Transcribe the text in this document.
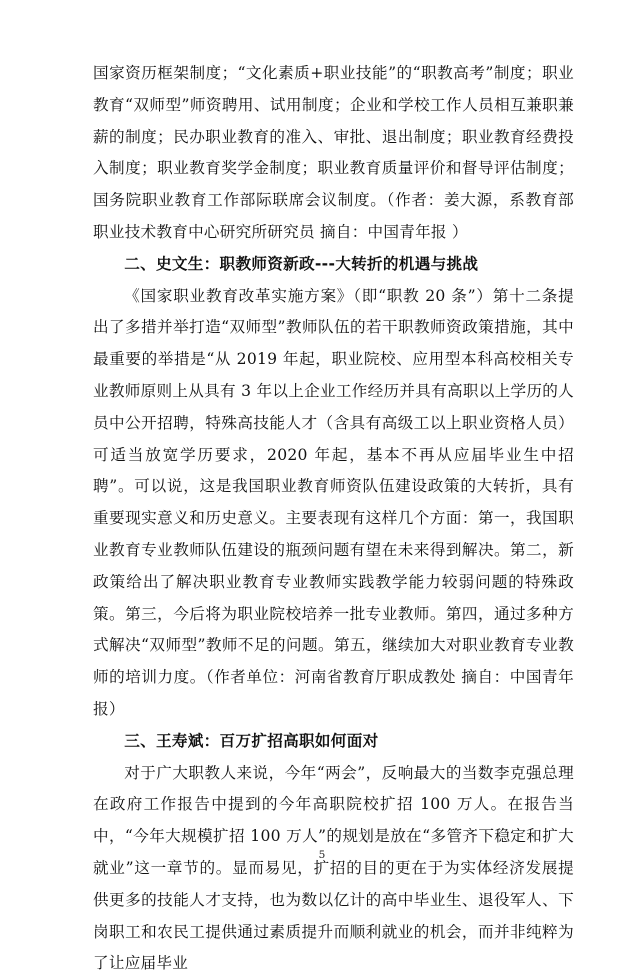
国家资历框架制度；“文化素质+职业技能”的“职教高考”制度；职业教育“双师型”师资聘用、试用制度；企业和学校工作人员相互兼职兼薪的制度；民办职业教育的准入、审批、退出制度；职业教育经费投入制度；职业教育奖学金制度；职业教育质量评价和督导评估制度；国务院职业教育工作部际联席会议制度。（作者：姜大源，系教育部职业技术教育中心研究所研究员 摘自：中国青年报 ）

二、史文生：职教师资新政---大转折的机遇与挑战

《国家职业教育改革实施方案》（即“职教 20 条”）第十二条提出了多措并举打造“双师型”教师队伍的若干职教师资政策措施，其中最重要的举措是“从 2019 年起，职业院校、应用型本科高校相关专业教师原则上从具有 3 年以上企业工作经历并具有高职以上学历的人员中公开招聘，特殊高技能人才（含具有高级工以上职业资格人员）可适当放宽学历要求，2020 年起，基本不再从应届毕业生中招聘”。可以说，这是我国职业教育师资队伍建设政策的大转折，具有重要现实意义和历史意义。主要表现有这样几个方面：第一，我国职业教育专业教师队伍建设的瓶颈问题有望在未来得到解决。第二，新政策给出了解决职业教育专业教师实践教学能力较弱问题的特殊政策。第三，今后将为职业院校培养一批专业教师。第四，通过多种方式解决“双师型”教师不足的问题。第五，继续加大对职业教育专业教师的培训力度。（作者单位：河南省教育厅职成教处 摘自：中国青年报）

三、王寿斌：百万扩招高职如何面对

对于广大职教人来说，今年“两会”，反响最大的当数李克强总理在政府工作报告中提到的今年高职院校扩招 100 万人。在报告当中，“今年大规模扩招 100 万人”的规划是放在“多管齐下稳定和扩大就业”这一章节的。显而易见，扩招的目的更在于为实体经济发展提供更多的技能人才支持，也为数以亿计的高中毕业生、退役军人、下岗职工和农民工提供通过素质提升而顺利就业的机会，而并非纯粹为了让应届毕业

5
